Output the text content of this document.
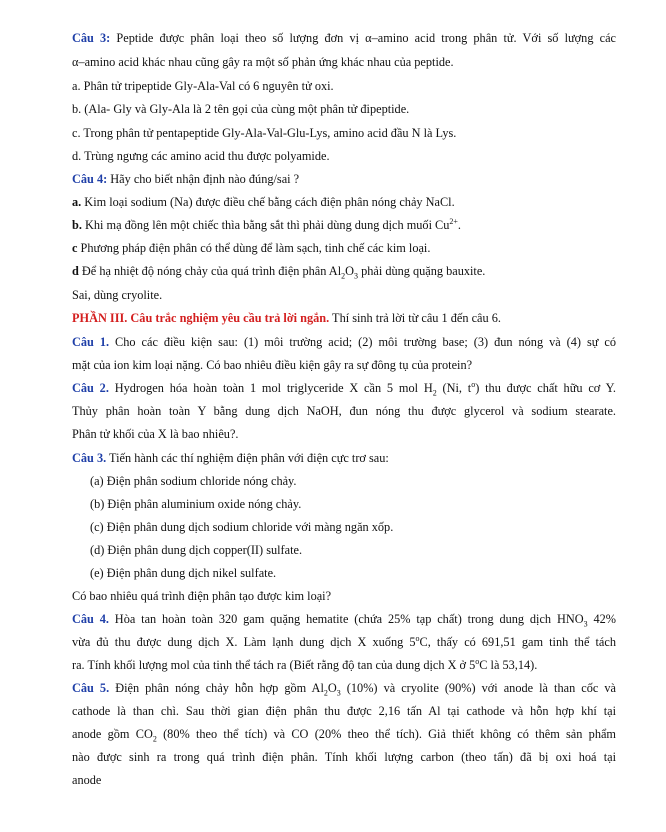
Câu 3: Peptide được phân loại theo số lượng đơn vị α–amino acid trong phân tử. Với số lượng các
α–amino acid khác nhau cũng gây ra một số phản ứng khác nhau của peptide.
a. Phân tử tripeptide Gly-Ala-Val có 6 nguyên tử oxi.
b. (Ala- Gly và Gly-Ala là 2 tên gọi của cùng một phân tử đipeptide.
c. Trong phân tử pentapeptide Gly-Ala-Val-Glu-Lys, amino acid đầu N là Lys.
d. Trùng ngưng các amino acid thu được polyamide.
Câu 4: Hãy cho biết nhận định nào đúng/sai ?
a. Kim loại sodium (Na) được điều chế bằng cách điện phân nóng chảy NaCl.
b. Khi mạ đồng lên một chiếc thìa bằng sắt thì phải dùng dung dịch muối $Cu^{2+}$.
c Phương pháp điện phân có thể dùng để làm sạch, tinh chế các kim loại.
d Để hạ nhiệt độ nóng chảy của quá trình điện phân $Al_2O_3$ phải dùng quặng bauxite.
Sai, dùng cryolite.
PHẦN III. Câu trắc nghiệm yêu cầu trả lời ngắn. Thí sinh trả lời từ câu 1 đến câu 6.
Câu 1. Cho các điều kiện sau: (1) môi trường acid; (2) môi trường base; (3) đun nóng và (4) sự có
mặt của ion kim loại nặng. Có bao nhiêu điều kiện gây ra sự đông tụ của protein?
Câu 2. Hydrogen hóa hoàn toàn 1 mol triglyceride X cần 5 mol $H_2$ (Ni, $t^o$) thu được chất hữu cơ Y.
Thủy phân hoàn toàn Y bằng dung dịch NaOH, đun nóng thu được glycerol và sodium stearate.
Phân tử khối của X là bao nhiêu?.
Câu 3. Tiến hành các thí nghiệm điện phân với điện cực trơ sau:
(a) Điện phân sodium chloride nóng chảy.
(b) Điện phân aluminium oxide nóng chảy.
(c) Điện phân dung dịch sodium chloride với màng ngăn xốp.
(d) Điện phân dung dịch copper(II) sulfate.
(e) Điện phân dung dịch nikel sulfate.
Có bao nhiêu quá trình điện phân tạo được kim loại?
Câu 4. Hòa tan hoàn toàn 320 gam quặng hematite (chứa 25% tạp chất) trong dung dịch $HNO_3$ 42%
vừa đủ thu được dung dịch X. Làm lạnh dung dịch X xuống 5$^o$C, thấy có 691,51 gam tinh thể tách
ra. Tính khối lượng mol của tinh thể tách ra (Biết rằng độ tan của dung dịch X ở 5$^o$C là 53,14).
Câu 5. Điện phân nóng chảy hỗn hợp gồm $Al_2O_3$ (10%) và cryolite (90%) với anode là than cốc và
cathode là than chì. Sau thời gian điện phân thu được 2,16 tấn Al tại cathode và hỗn hợp khí tại
anode gồm $CO_2$ (80% theo thể tích) và CO (20% theo thể tích). Giả thiết không có thêm sản phẩm
nào được sinh ra trong quá trình điện phân. Tính khối lượng carbon (theo tấn) đã bị oxi hoá tại
anode
